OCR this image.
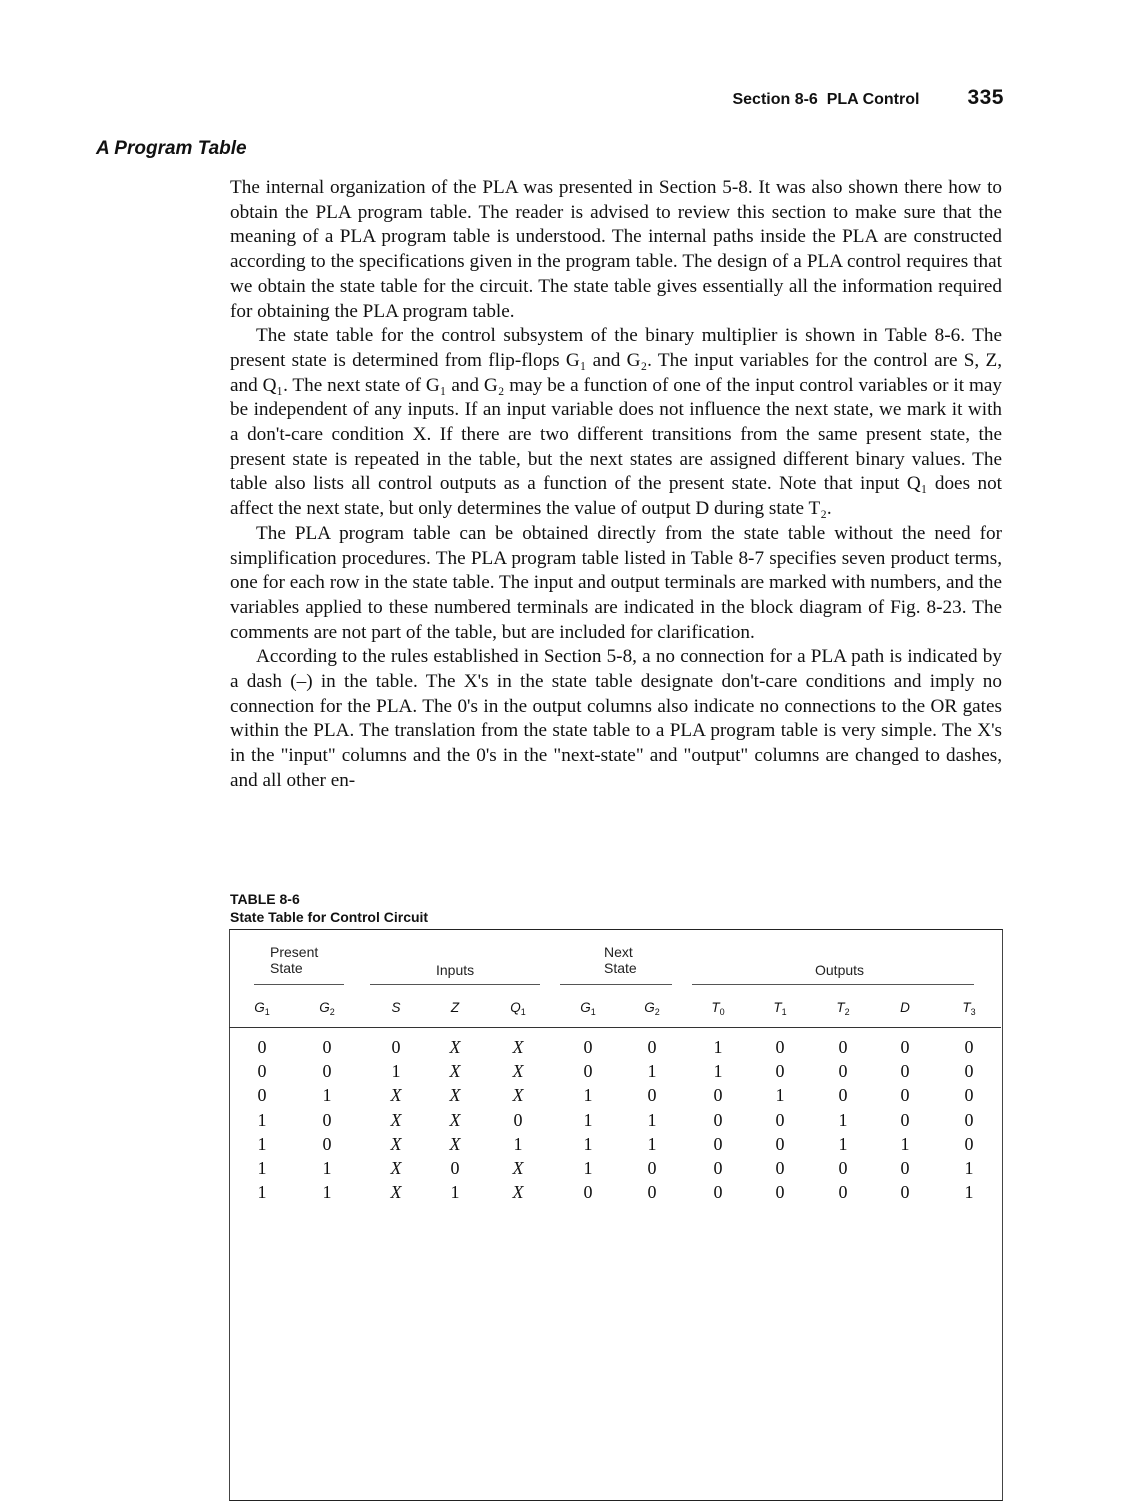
Section 8-6 PLA Control 335
A Program Table

The internal organization of the PLA was presented in Section 5-8. It was also shown there how to obtain the PLA program table. The reader is advised to review this section to make sure that the meaning of a PLA program table is understood. The internal paths inside the PLA are constructed according to the specifications given in the program table. The design of a PLA control requires that we obtain the state table for the circuit. The state table gives essentially all the information required for obtaining the PLA program table.

The state table for the control subsystem of the binary multiplier is shown in Table 8-6. The present state is determined from flip-flops G₁ and G₂. The input variables for the control are S, Z, and Q₁. The next state of G₁ and G₂ may be a function of one of the input control variables or it may be independent of any inputs. If an input variable does not influence the next state, we mark it with a don't-care condition X. If there are two different transitions from the same present state, the present state is repeated in the table, but the next states are assigned different binary values. The table also lists all control outputs as a function of the present state. Note that input Q₁ does not affect the next state, but only determines the value of output D during state T₂.

The PLA program table can be obtained directly from the state table without the need for simplification procedures. The PLA program table listed in Table 8-7 specifies seven product terms, one for each row in the state table. The input and output terminals are marked with numbers, and the variables applied to these numbered terminals are indicated in the block diagram of Fig. 8-23. The comments are not part of the table, but are included for clarification.

According to the rules established in Section 5-8, a no connection for a PLA path is indicated by a dash (–) in the table. The X's in the state table designate don't-care conditions and imply no connection for the PLA. The 0's in the output columns also indicate no connections to the OR gates within the PLA. The translation from the state table to a PLA program table is very simple. The X's in the "input" columns and the 0's in the "next-state" and "output" columns are changed to dashes, and all other en-

TABLE 8-6
State Table for Control Circuit
Present
State	Inputs
Next
State	Outputs
$G_1$	$G_2$	S	Z	$Q_1$	$G_1$	$G_2$	$T_0$	$T_1$	$T_2$	D	$T_3$
0	0	0	X	X	0	0	1	0	0	0	0
0	0	1	X	X	0	1	1	0	0	0	0
0	1	X	X	X	1	0	0	1	0	0	0
1	0	X	X	0	1	1	0	0	1	0	0
1	0	X	X	1	1	1	0	0	1	1	0
1	1	X	0	X	1	0	0	0	0	0	1
1	1	X	1	X	0	0	0	0	0	0	1
